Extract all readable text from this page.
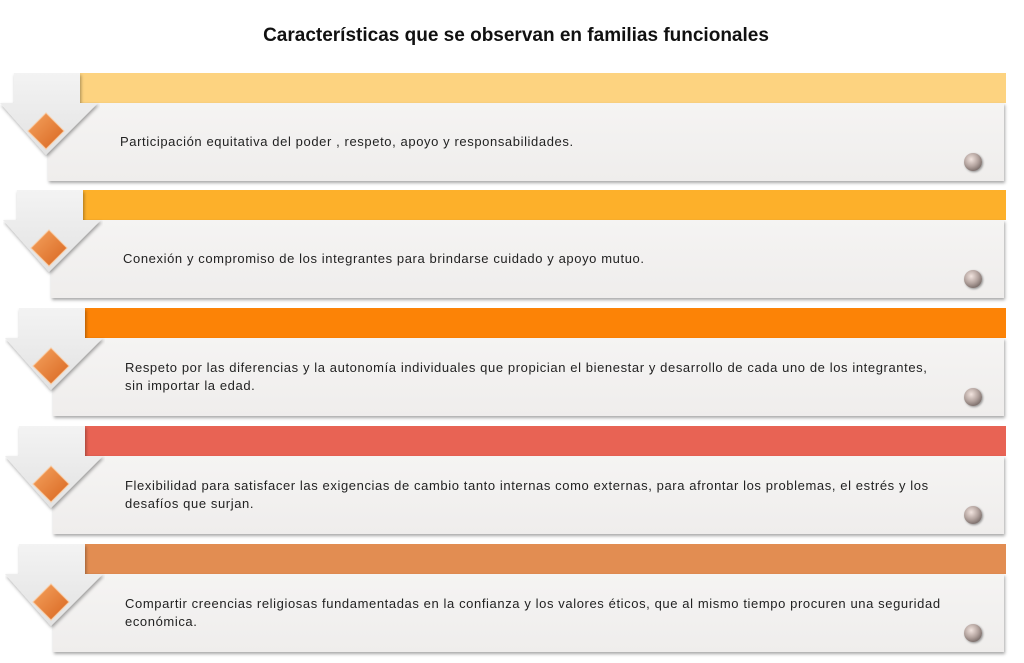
Características que se observan en familias funcionales
Participación equitativa del poder , respeto, apoyo y responsabilidades.
Conexión y compromiso de los integrantes para brindarse cuidado y apoyo mutuo.
Respeto por las diferencias y la autonomía individuales que propician el bienestar y desarrollo de cada uno de los integrantes, sin importar la edad.
Flexibilidad para satisfacer las exigencias de cambio tanto internas como externas, para afrontar los problemas, el estrés y los desafíos que surjan.
Compartir creencias religiosas fundamentadas en la confianza y los valores éticos, que al mismo tiempo procuren una seguridad económica.
